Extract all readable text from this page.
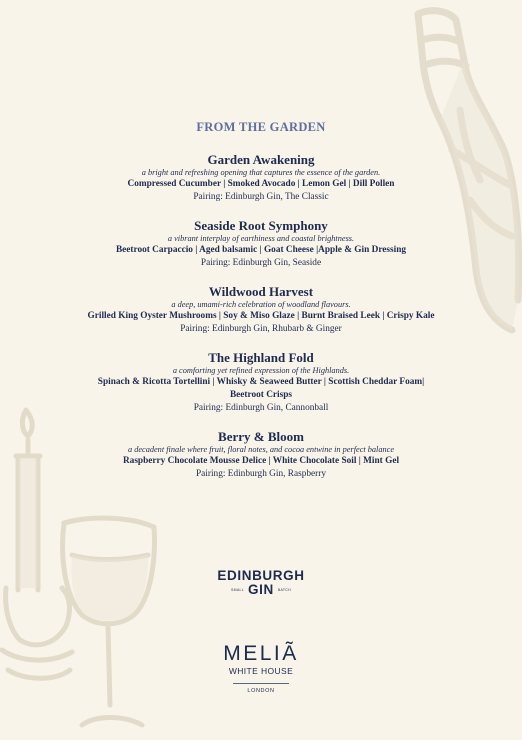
FROM THE GARDEN
Garden Awakening
a bright and refreshing opening that captures the essence of the garden.
Compressed Cucumber | Smoked Avocado | Lemon Gel | Dill Pollen
Pairing: Edinburgh Gin, The Classic
Seaside Root Symphony
a vibrant interplay of earthiness and coastal brightness.
Beetroot Carpaccio | Aged balsamic | Goat Cheese |Apple & Gin Dressing
Pairing: Edinburgh Gin, Seaside
Wildwood Harvest
a deep, umami-rich celebration of woodland flavours.
Grilled King Oyster Mushrooms | Soy & Miso Glaze | Burnt Braised Leek | Crispy Kale
Pairing: Edinburgh Gin, Rhubarb & Ginger
The Highland Fold
a comforting yet refined expression of the Highlands.
Spinach & Ricotta Tortellini | Whisky & Seaweed Butter | Scottish Cheddar Foam|
Beetroot Crisps
Pairing: Edinburgh Gin, Cannonball
Berry & Bloom
a decadent finale where fruit, floral notes, and cocoa entwine in perfect balance
Raspberry Chocolate Mousse Delice | White Chocolate Soil | Mint Gel
Pairing: Edinburgh Gin, Raspberry
EDINBURGH
SMALL GIN BATCH
MELIÃ
WHITE HOUSE
LONDON
